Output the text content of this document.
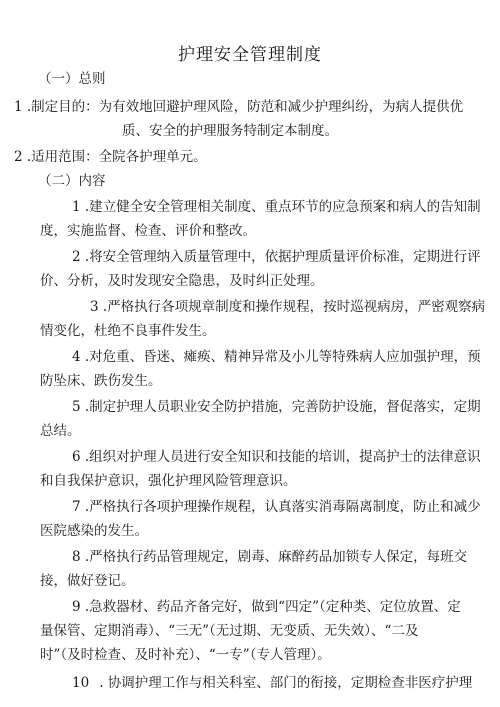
护理安全管理制度
（一）总则
1 .制定目的：为有效地回避护理风险，防范和减少护理纠纷，为病人提供优
质、安全的护理服务特制定本制度。
2 .适用范围：全院各护理单元。
（二）内容
1 .建立健全安全管理相关制度、重点环节的应急预案和病人的告知制
度，实施监督、检查、评价和整改。
2 .将安全管理纳入质量管理中，依据护理质量评价标准，定期进行评
价、分析，及时发现安全隐患，及时纠正处理。
3 .严格执行各项规章制度和操作规程，按时巡视病房，严密观察病
情变化，杜绝不良事件发生。
4 .对危重、昏迷、瘫痪、精神异常及小儿等特殊病人应加强护理，预
防坠床、跌伤发生。
5 .制定护理人员职业安全防护措施，完善防护设施，督促落实，定期
总结。
6 .组织对护理人员进行安全知识和技能的培训，提高护士的法律意识
和自我保护意识，强化护理风险管理意识。
7 .严格执行各项护理操作规程，认真落实消毒隔离制度，防止和减少
医院感染的发生。
8 .严格执行药品管理规定，剧毒、麻醉药品加锁专人保定，每班交
接，做好登记。
9 .急救器材、药品齐备完好，做到“四定”（定种类、定位放置、定
量保管、定期消毒）、“三无”（无过期、无变质、无失效）、“二及
时”（及时检查、及时补充）、“一专”（专人管理）。
10 . 协调护理工作与相关科室、部门的衔接，定期检查非医疗护理
